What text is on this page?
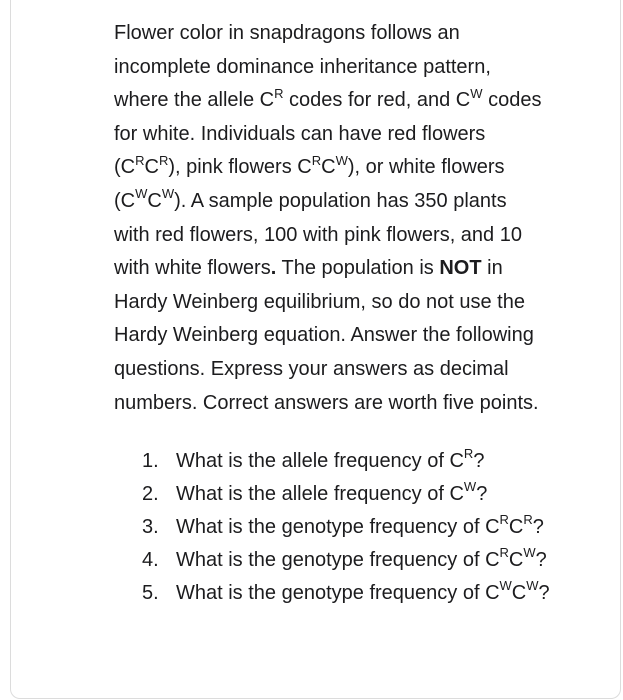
Flower color in snapdragons follows an
incomplete dominance inheritance pattern,
where the allele $C^R$ codes for red, and $C^W$ codes
for white. Individuals can have red flowers
$(C^RC^R)$, pink flowers $C^RC^W$), or white flowers
$(C^WC^W)$. A sample population has 350 plants
with red flowers, 100 with pink flowers, and 10
with white flowers. The population is NOT in
Hardy Weinberg equilibrium, so do not use the
Hardy Weinberg equation. Answer the following
questions. Express your answers as decimal
numbers. Correct answers are worth five points.

1. What is the allele frequency of $C^R$?
2. What is the allele frequency of $C^W$?
3. What is the genotype frequency of $C^RC^R$?
4. What is the genotype frequency of $C^RC^W$?
5. What is the genotype frequency of $C^WC^W$?
